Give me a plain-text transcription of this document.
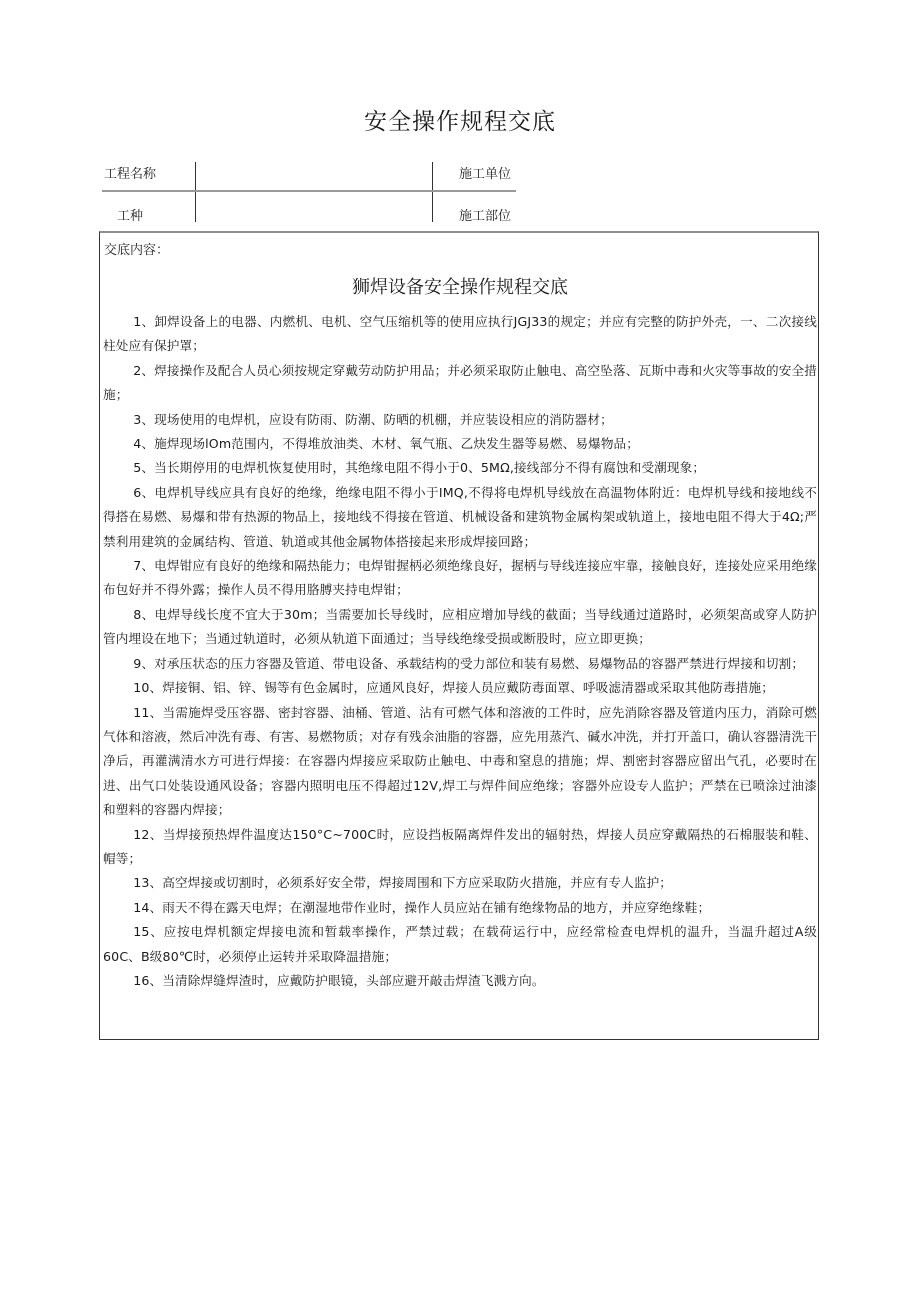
安全操作规程交底
工程名称	施工单位
工种	施工部位
交底内容：
狮焊设备安全操作规程交底

1、卸焊设备上的电器、内燃机、电机、空气压缩机等的使用应执行JGJ33的规定；并应有完整的防护外壳，一、二次接线柱处应有保护罩；

2、焊接操作及配合人员心须按规定穿戴劳动防护用品；并必须采取防止触电、高空坠落、瓦斯中毒和火灾等事故的安全措施；

3、现场使用的电焊机，应设有防雨、防潮、防晒的机棚，并应装设相应的消防器材；

4、施焊现场lOm范围内，不得堆放油类、木材、氧气瓶、乙炔发生器等易燃、易爆物品；

5、当长期停用的电焊机恢复使用时，其绝缘电阻不得小于0、5MΩ,接线部分不得有腐蚀和受潮现象；

6、电焊机导线应具有良好的绝缘，绝缘电阻不得小于IMQ,不得将电焊机导线放在高温物体附近：电焊机导线和接地线不得搭在易燃、易爆和带有热源的物品上，接地线不得接在管道、机械设备和建筑物金属构架或轨道上，接地电阻不得大于4Ω;严禁利用建筑的金属结构、管道、轨道或其他金属物体搭接起来形成焊接回路；

7、电焊钳应有良好的绝缘和隔热能力；电焊钳握柄必须绝缘良好，握柄与导线连接应牢靠，接触良好，连接处应采用绝缘布包好并不得外露；操作人员不得用胳膊夹持电焊钳；

8、电焊导线长度不宜大于30m；当需要加长导线时，应相应增加导线的截面；当导线通过道路时，必须架高或穿人防护管内埋设在地下；当通过轨道时，必须从轨道下面通过；当导线绝缘受损或断股时，应立即更换；

9、对承压状态的压力容器及管道、带电设备、承载结构的受力部位和装有易燃、易爆物品的容器严禁进行焊接和切割；

10、焊接铜、铝、锌、锡等有色金属时，应通风良好，焊接人员应戴防毒面罩、呼吸滤清器或采取其他防毒措施；

11、当需施焊受压容器、密封容器、油桶、管道、沾有可燃气体和溶液的工件时，应先消除容器及管道内压力，消除可燃气体和溶液，然后冲洗有毒、有害、易燃物质；对存有残余油脂的容器，应先用蒸汽、碱水冲洗，并打开盖口，确认容器清洗干净后，再灌满清水方可进行焊接：在容器内焊接应采取防止触电、中毒和窒息的措施；焊、割密封容器应留出气孔，必要时在进、出气口处装设通风设备；容器内照明电压不得超过12V,焊工与焊件间应绝缘；容器外应设专人监护；严禁在已喷涂过油漆和塑料的容器内焊接；

12、当焊接预热焊件温度达150°C~700C时，应设挡板隔离焊件发出的辐射热，焊接人员应穿戴隔热的石棉服装和鞋、帽等；

13、高空焊接或切割时，必须系好安全带，焊接周围和下方应采取防火措施，并应有专人监护；

14、雨天不得在露天电焊；在潮湿地带作业时，操作人员应站在铺有绝缘物品的地方，并应穿绝缘鞋；

15、应按电焊机额定焊接电流和暂载率操作，严禁过载；在载荷运行中，应经常检查电焊机的温升，当温升超过A级60C、B级80℃时，必须停止运转并采取降温措施；

16、当清除焊缝焊渣时，应戴防护眼镜，头部应避开敲击焊渣飞溅方向。
